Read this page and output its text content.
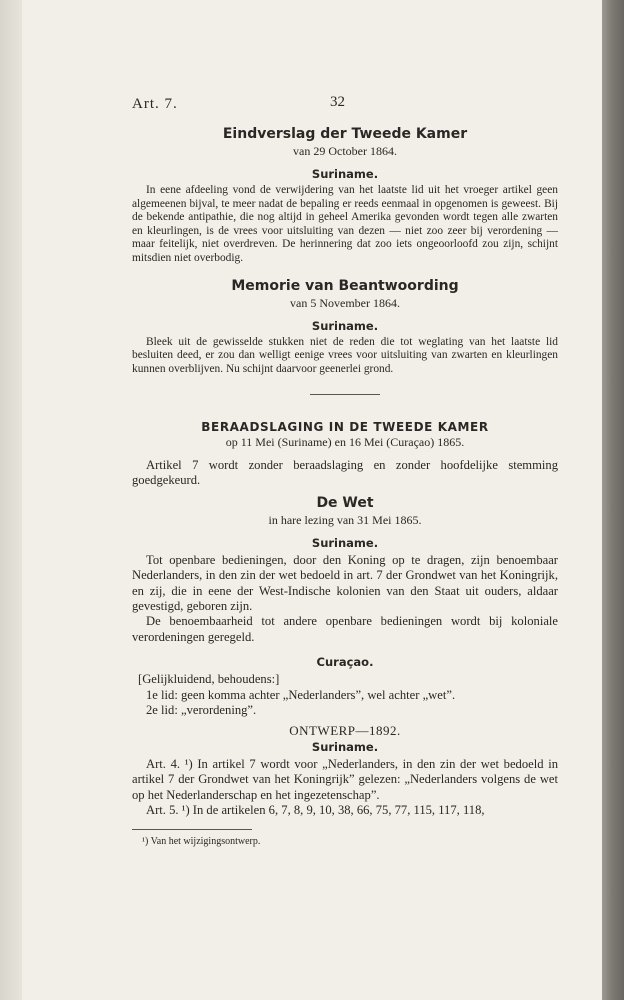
Art. 7.	32
Eindverslag der Tweede Kamer
van 29 October 1864.
Suriname.

In eene afdeeling vond de verwijdering van het laatste lid uit het vroeger artikel geen algemeenen bijval, te meer nadat de bepaling er reeds eenmaal in opgenomen is geweest. Bij de bekende antipathie, die nog altijd in geheel Amerika gevonden wordt tegen alle zwarten en kleurlingen, is de vrees voor uitsluiting van dezen — niet zoo zeer bij verordening — maar feitelijk, niet overdreven. De herinnering dat zoo iets ongeoorloofd zou zijn, schijnt mitsdien niet overbodig.

Memorie van Beantwoording
van 5 November 1864.
Suriname.

Bleek uit de gewisselde stukken niet de reden die tot weglating van het laatste lid besluiten deed, er zou dan welligt eenige vrees voor uitsluiting van zwarten en kleurlingen kunnen overblijven. Nu schijnt daarvoor geenerlei grond.

BERAADSLAGING IN DE TWEEDE KAMER
op 11 Mei (Suriname) en 16 Mei (Curaçao) 1865.

Artikel 7 wordt zonder beraadslaging en zonder hoofdelijke stemming goedgekeurd.

De Wet
in hare lezing van 31 Mei 1865.
Suriname.

Tot openbare bedieningen, door den Koning op te dragen, zijn benoembaar Nederlanders, in den zin der wet bedoeld in art. 7 der Grondwet van het Koningrijk, en zij, die in eene der West-Indische kolonien van den Staat uit ouders, aldaar gevestigd, geboren zijn.

De benoembaarheid tot andere openbare bedieningen wordt bij koloniale verordeningen geregeld.

Curaçao.
[Gelijkluidend, behoudens:]
1e lid: geen komma achter „Nederlanders”, wel achter „wet”.
2e lid: „verordening”.
ONTWERP—1892.
Suriname.

Art. 4. ¹) In artikel 7 wordt voor „Nederlanders, in den zin der wet bedoeld in artikel 7 der Grondwet van het Koningrijk” gelezen: „Nederlanders volgens de wet op het Nederlanderschap en het ingezetenschap”.

Art. 5. ¹) In de artikelen 6, 7, 8, 9, 10, 38, 66, 75, 77, 115, 117, 118,

¹) Van het wijzigingsontwerp.
